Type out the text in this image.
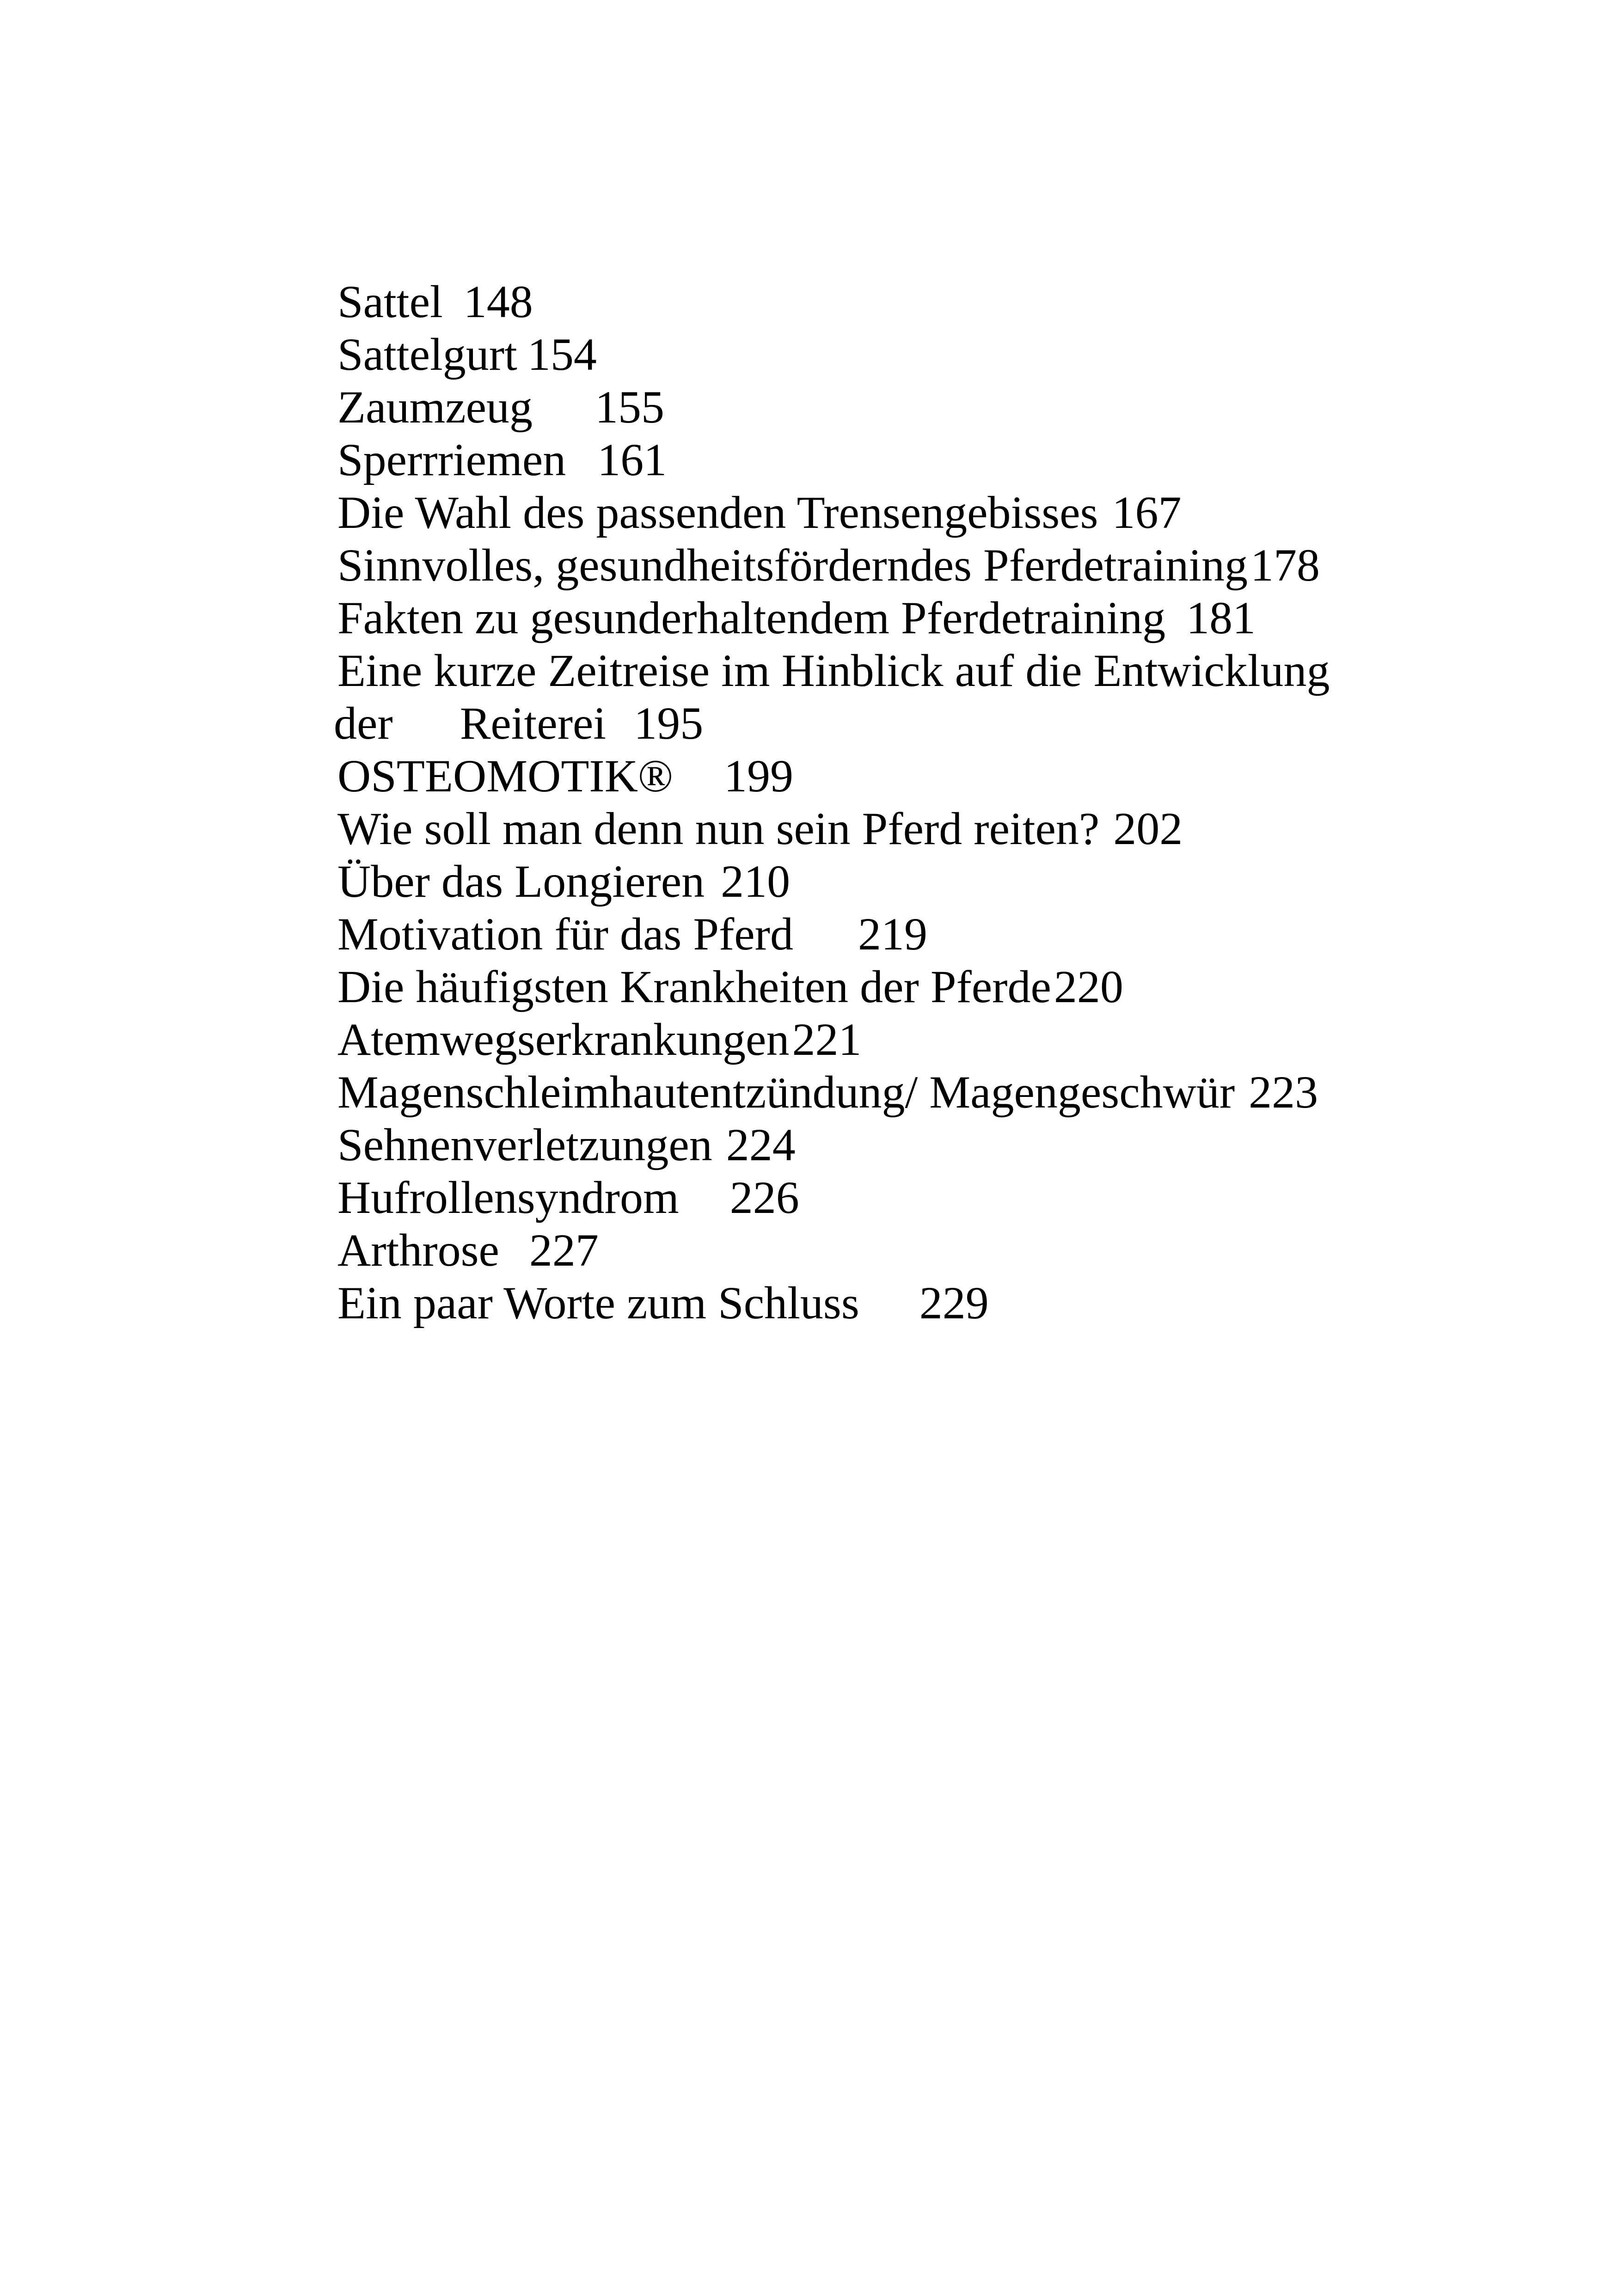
Sattel 148
Sattelgurt 154
Zaumzeug 155
Sperrriemen 161
Die Wahl des passenden Trensengebisses 167
Sinnvolles, gesundheitsförderndes Pferdetraining178
Fakten zu gesunderhaltendem Pferdetraining 181
Eine kurze Zeitreise im Hinblick auf die Entwicklung
der Reiterei 195
OSTEOMOTIK® 199
Wie soll man denn nun sein Pferd reiten? 202
Über das Longieren 210
Motivation für das Pferd 219
Die häufigsten Krankheiten der Pferde220
Atemwegserkrankungen221
Magenschleimhautentzündung/ Magengeschwür 223
Sehnenverletzungen 224
Hufrollensyndrom 226
Arthrose 227
Ein paar Worte zum Schluss 229
